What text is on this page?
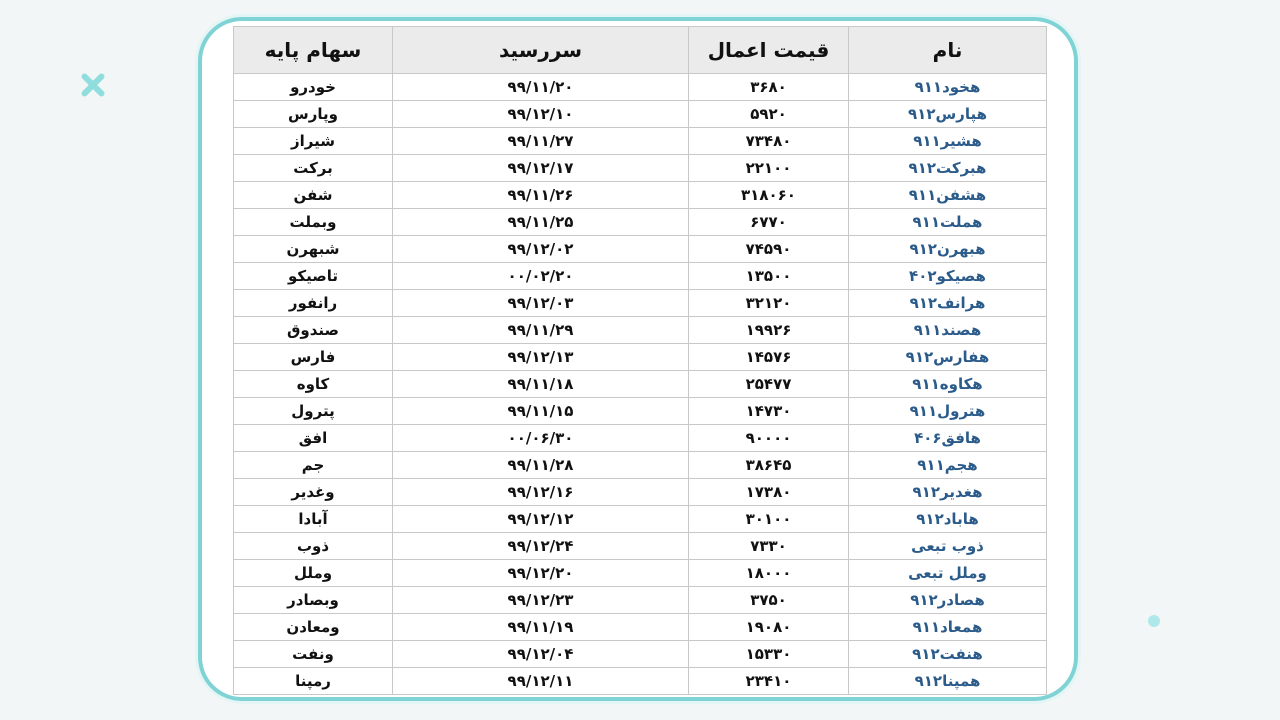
نام	قیمت اعمال	سررسید	سهام پایه
هخود۹۱۱	۳۶۸۰	۹۹/۱۱/۲۰	خودرو
هپارس۹۱۲	۵۹۲۰	۹۹/۱۲/۱۰	وپارس
هشیر۹۱۱	۷۳۴۸۰	۹۹/۱۱/۲۷	شیراز
هبرکت۹۱۲	۲۲۱۰۰	۹۹/۱۲/۱۷	برکت
هشفن۹۱۱	۳۱۸۰۶۰	۹۹/۱۱/۲۶	شفن
هملت۹۱۱	۶۷۷۰	۹۹/۱۱/۲۵	وبملت
هبهرن۹۱۲	۷۴۵۹۰	۹۹/۱۲/۰۲	شبهرن
هصیکو۴۰۲	۱۳۵۰۰	۰۰/۰۲/۲۰	تاصیکو
هرانف۹۱۲	۳۲۱۲۰	۹۹/۱۲/۰۳	رانفور
هصند۹۱۱	۱۹۹۲۶	۹۹/۱۱/۲۹	صندوق
هفارس۹۱۲	۱۴۵۷۶	۹۹/۱۲/۱۳	فارس
هکاوه۹۱۱	۲۵۴۷۷	۹۹/۱۱/۱۸	کاوه
هترول۹۱۱	۱۴۷۳۰	۹۹/۱۱/۱۵	پترول
هافق۴۰۶	۹۰۰۰۰	۰۰/۰۶/۳۰	افق
هجم۹۱۱	۳۸۶۴۵	۹۹/۱۱/۲۸	جم
هغدیر۹۱۲	۱۷۳۸۰	۹۹/۱۲/۱۶	وغدیر
هاباد۹۱۲	۳۰۱۰۰	۹۹/۱۲/۱۲	آبادا
ذوب تبعی	۷۳۳۰	۹۹/۱۲/۲۴	ذوب
وملل تبعی	۱۸۰۰۰	۹۹/۱۲/۲۰	وملل
هصادر۹۱۲	۳۷۵۰	۹۹/۱۲/۲۳	وبصادر
همعاد۹۱۱	۱۹۰۸۰	۹۹/۱۱/۱۹	ومعادن
هنفت۹۱۲	۱۵۳۳۰	۹۹/۱۲/۰۴	ونفت
همپنا۹۱۲	۲۳۴۱۰	۹۹/۱۲/۱۱	رمپنا
